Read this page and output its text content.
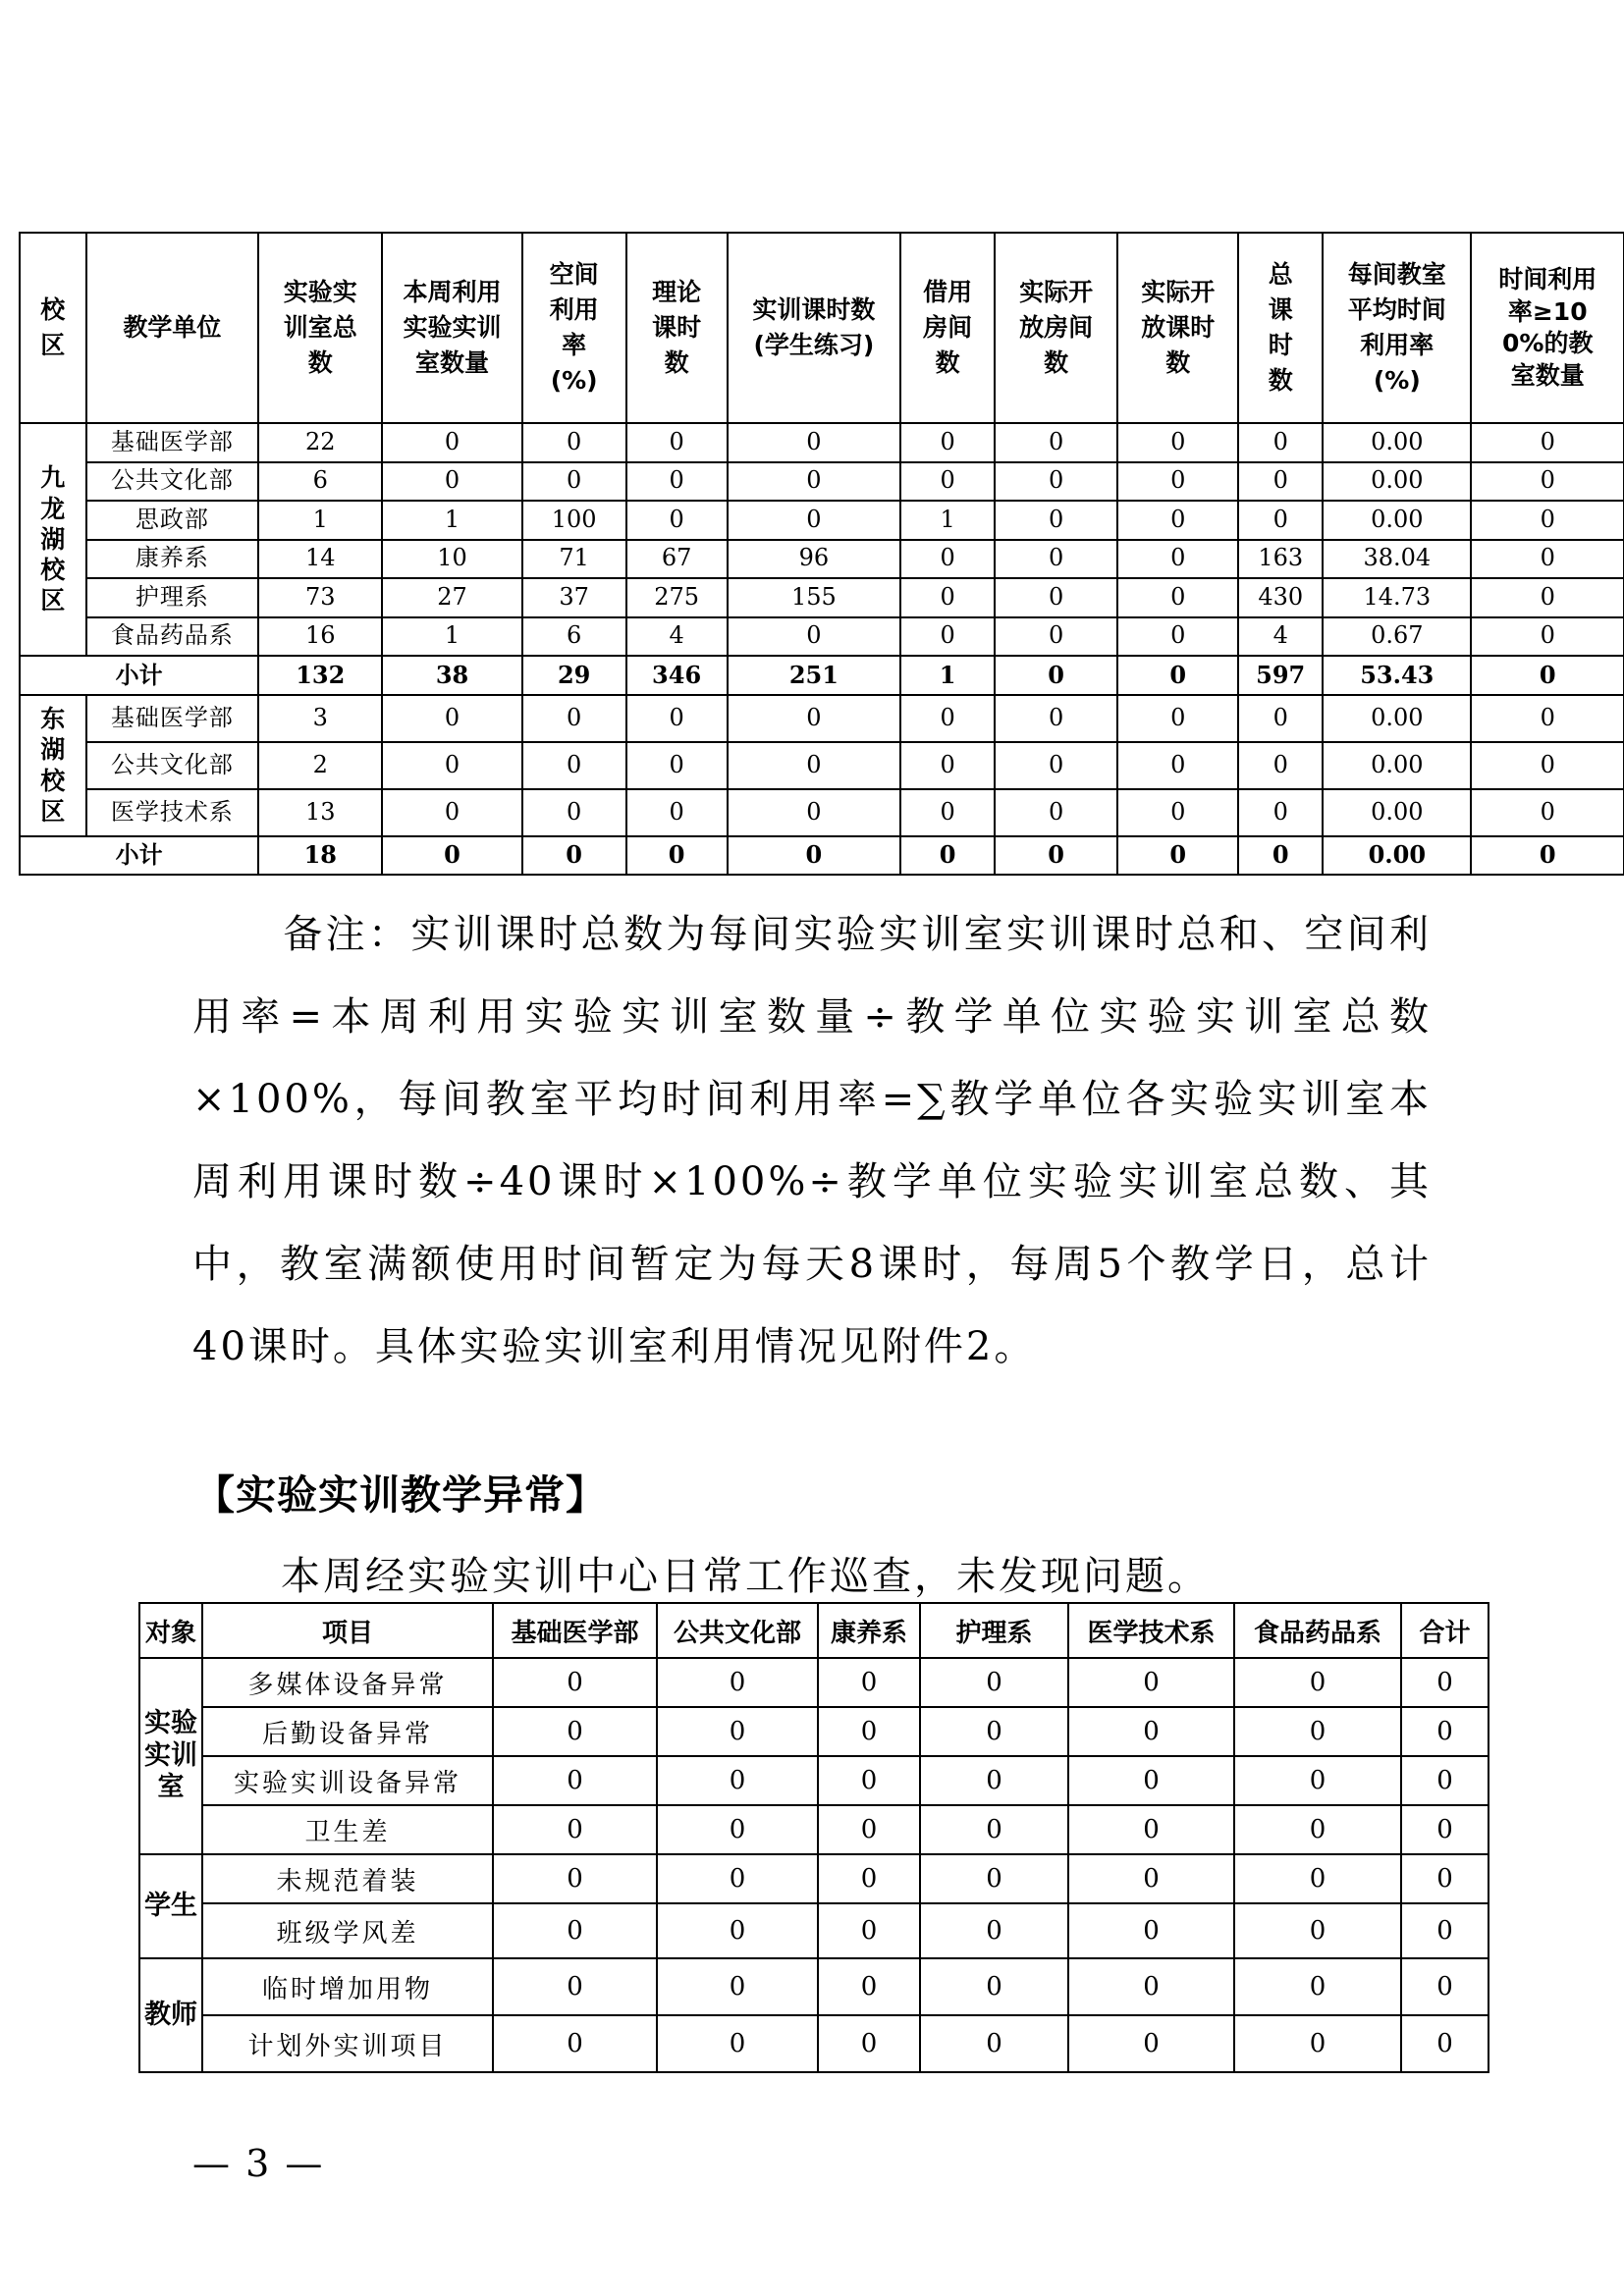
校区	教学单位	实验实训室总数	本周利用实验实训室数量	空间利用率(%)	理论课时数	实训课时数(学生练习)	借用房间数	实际开放房间数	实际开放课时数	总课时数	每间教室平均时间利用率(%)	时间利用率≥100%的教室数量

九龙湖校区	基础医学部	22	0	0	0	0	0	0	0	0	0.00	0
	公共文化部	6	0	0	0	0	0	0	0	0	0.00	0
	思政部	1	1	100	0	0	1	0	0	0	0.00	0
	康养系	14	10	71	67	96	0	0	0	163	38.04	0
	护理系	73	27	37	275	155	0	0	0	430	14.73	0
	食品药品系	16	1	6	4	0	0	0	0	4	0.67	0
小计		132	38	29	346	251	1	0	0	597	53.43	0
东湖校区	基础医学部	3	0	0	0	0	0	0	0	0	0.00	0
	公共文化部	2	0	0	0	0	0	0	0	0	0.00	0
	医学技术系	13	0	0	0	0	0	0	0	0	0.00	0
小计		18	0	0	0	0	0	0	0	0	0.00	0
备注：实训课时总数为每间实验实训室实训课时总和、空间利用率=本周利用实验实训室数量÷教学单位实验实训室总数×100%，每间教室平均时间利用率=∑教学单位各实验实训室本周利用课时数÷40课时×100%÷教学单位实验实训室总数、其中，教室满额使用时间暂定为每天8课时，每周5个教学日，总计40课时。具体实验实训室利用情况见附件2。
【实验实训教学异常】
本周经实验实训中心日常工作巡查，未发现问题。
对象	项目	基础医学部	公共文化部	康养系	护理系	医学技术系	食品药品系	合计
实验实训室	多媒体设备异常	0	0	0	0	0	0	0
	后勤设备异常	0	0	0	0	0	0	0
	实验实训设备异常	0	0	0	0	0	0	0
	卫生差	0	0	0	0	0	0	0
学生	未规范着装	0	0	0	0	0	0	0
	班级学风差	0	0	0	0	0	0	0
教师	临时增加用物	0	0	0	0	0	0	0
	计划外实训项目	0	0	0	0	0	0	0
— 3 —
